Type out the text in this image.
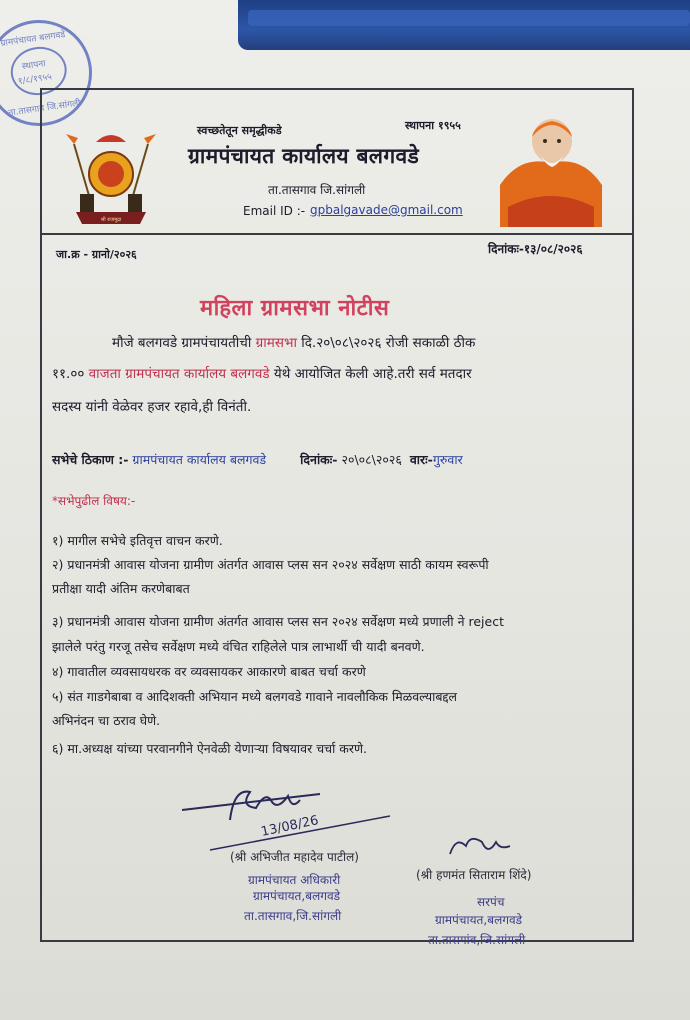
ग्रामपंचायत बलगवडे
स्थापना
१/८/१९५५
ता.तासगाव जि.सांगली
श्री राजमुद्रा
स्वच्छतेतून समृद्धीकडे	स्थापना १९५५
ग्रामपंचायत कार्यालय बलगवडे
ता.तासगाव जि.सांगली
Email ID :- gpbalgavade@gmail.com
जा.क्र - ग्रानो/२०२६	दिनांकः-१३/०८/२०२६
महिला ग्रामसभा नोटीस
मौजे बलगवडे ग्रामपंचायतीची ग्रामसभा दि.२०\०८\२०२६ रोजी सकाळी ठीक
११.०० वाजता ग्रामपंचायत कार्यालय बलगवडे येथे आयोजित केली आहे.तरी सर्व मतदार
सदस्य यांनी वेळेवर हजर रहावे,ही विनंती.
सभेचे ठिकाण :- ग्रामपंचायत कार्यालय बलगवडे	दिनांकः- २०\०८\२०२६ वारः-गुरुवार
*सभेपुढील विषय:-
१) मागील सभेचे इतिवृत्त वाचन करणे.
२) प्रधानमंत्री आवास योजना ग्रामीण अंतर्गत आवास प्लस सन २०२४ सर्वेक्षण साठी कायम स्वरूपी
प्रतीक्षा यादी अंतिम करणेबाबत
३) प्रधानमंत्री आवास योजना ग्रामीण अंतर्गत आवास प्लस सन २०२४ सर्वेक्षण मध्ये प्रणाली ने reject
झालेले परंतु गरजू तसेच सर्वेक्षण मध्ये वंचित राहिलेले पात्र लाभार्थी ची यादी बनवणे.
४) गावातील व्यवसायधरक वर व्यवसायकर आकारणे बाबत चर्चा करणे
५) संत गाडगेबाबा व आदिशक्ती अभियान मध्ये बलगवडे गावाने नावलौकिक मिळवल्याबद्दल
अभिनंदन चा ठराव घेणे.
६) मा.अध्यक्ष यांच्या परवानगीने ऐनवेळी येणाऱ्या विषयावर चर्चा करणे.
13/08/26
(श्री अभिजीत महादेव पाटील)
ग्रामपंचायत अधिकारी
ग्रामपंचायत,बलगवडे
ता.तासगाव,जि.सांगली
(श्री हणमंत सिताराम शिंदे)
सरपंच
ग्रामपंचायत,बलगवडे
ता.तासगांव,जि.सांगली
